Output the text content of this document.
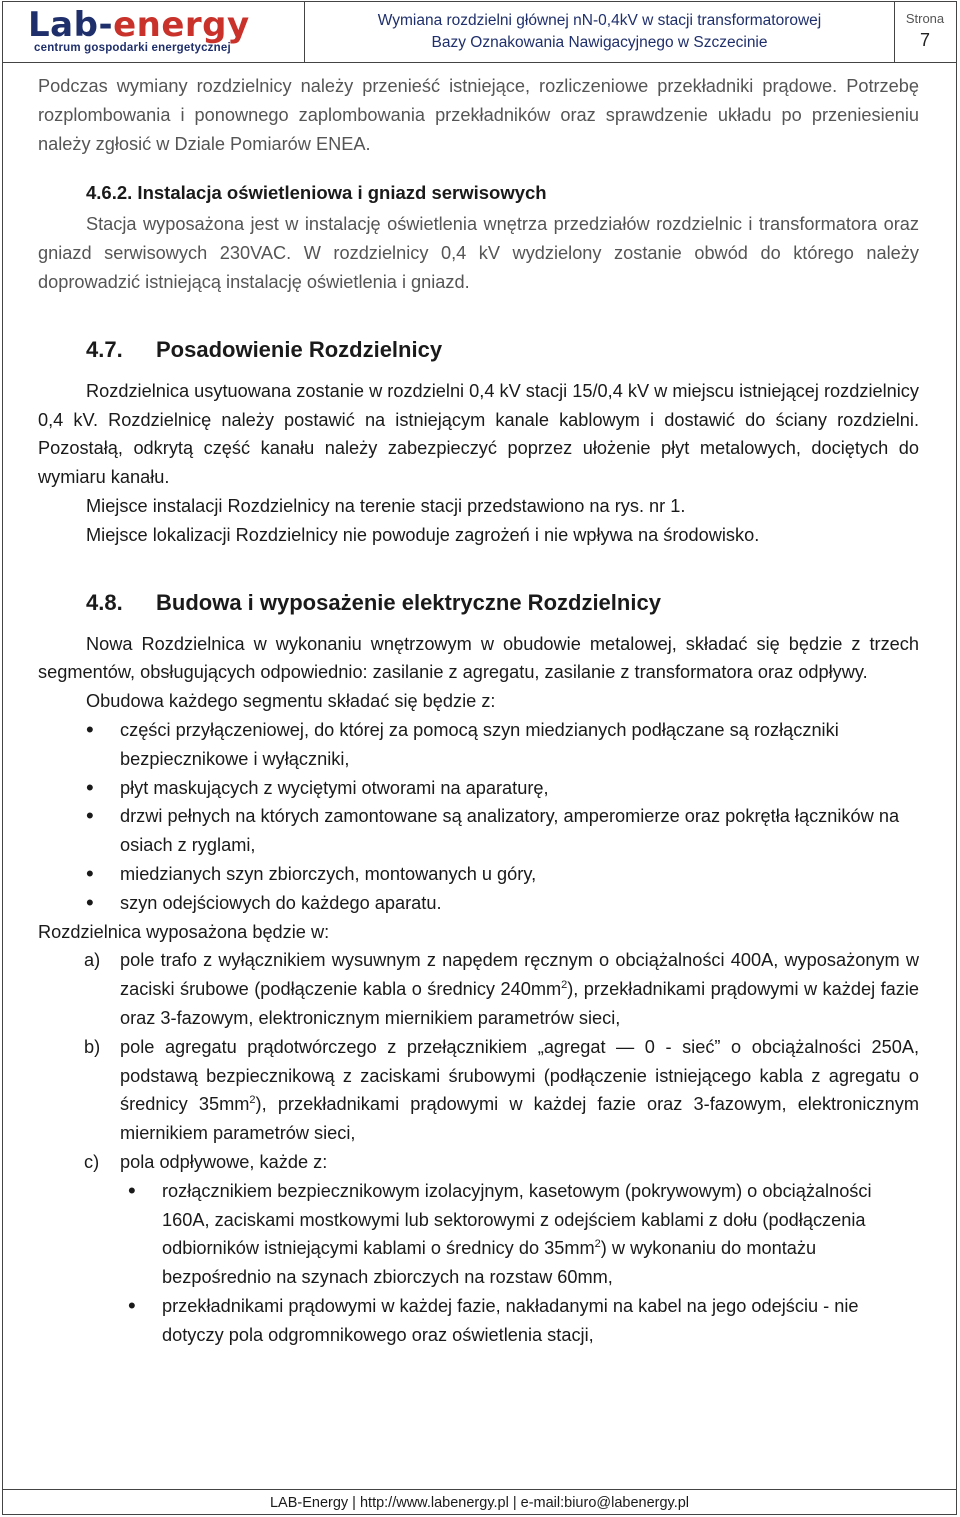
Lab-energy
centrum gospodarki energetycznej
Wymiana rozdzielni głównej nN-0,4kV w stacji transformatorowej
Bazy Oznakowania Nawigacyjnego w Szczecinie
Strona
7

Podczas wymiany rozdzielnicy należy przenieść istniejące, rozliczeniowe przekładniki prądowe. Potrzebę rozplombowania i ponownego zaplombowania przekładników oraz sprawdzenie układu po przeniesieniu należy zgłosić w Dziale Pomiarów ENEA.

4.6.2. Instalacja oświetleniowa i gniazd serwisowych

Stacja wyposażona jest w instalację oświetlenia wnętrza przedziałów rozdzielnic i transformatora oraz gniazd serwisowych 230VAC. W rozdzielnicy 0,4 kV wydzielony zostanie obwód do którego należy doprowadzić istniejącą instalację oświetlenia i gniazd.

4.7. Posadowienie Rozdzielnicy

Rozdzielnica usytuowana zostanie w rozdzielni 0,4 kV stacji 15/0,4 kV w miejscu istniejącej rozdzielnicy 0,4 kV. Rozdzielnicę należy postawić na istniejącym kanale kablowym i dostawić do ściany rozdzielni. Pozostałą, odkrytą część kanału należy zabezpieczyć poprzez ułożenie płyt metalowych, dociętych do wymiaru kanału.

Miejsce instalacji Rozdzielnicy na terenie stacji przedstawiono na rys. nr 1.

Miejsce lokalizacji Rozdzielnicy nie powoduje zagrożeń i nie wpływa na środowisko.

4.8. Budowa i wyposażenie elektryczne Rozdzielnicy

Nowa Rozdzielnica w wykonaniu wnętrzowym w obudowie metalowej, składać się będzie z trzech segmentów, obsługujących odpowiednio: zasilanie z agregatu, zasilanie z transformatora oraz odpływy.

Obudowa każdego segmentu składać się będzie z:

• części przyłączeniowej, do której za pomocą szyn miedzianych podłączane są rozłączniki bezpiecznikowe i wyłączniki,
• płyt maskujących z wyciętymi otworami na aparaturę,
• drzwi pełnych na których zamontowane są analizatory, amperomierze oraz pokrętła łączników na osiach z ryglami,
• miedzianych szyn zbiorczych, montowanych u góry,
• szyn odejściowych do każdego aparatu.

Rozdzielnica wyposażona będzie w:

a) pole trafo z wyłącznikiem wysuwnym z napędem ręcznym o obciążalności 400A, wyposażonym w zaciski śrubowe (podłączenie kabla o średnicy $240mm^2$), przekładnikami prądowymi w każdej fazie oraz 3-fazowym, elektronicznym miernikiem parametrów sieci,
b) pole agregatu prądotwórczego z przełącznikiem „agregat — 0 - sieć” o obciążalności 250A, podstawą bezpiecznikową z zaciskami śrubowymi (podłączenie istniejącego kabla z agregatu o średnicy $35mm^2$), przekładnikami prądowymi w każdej fazie oraz 3-fazowym, elektronicznym miernikiem parametrów sieci,
c) pola odpływowe, każde z:
• rozłącznikiem bezpiecznikowym izolacyjnym, kasetowym (pokrywowym) o obciążalności 160A, zaciskami mostkowymi lub sektorowymi z odejściem kablami z dołu (podłączenia odbiorników istniejącymi kablami o średnicy do $35mm^2$) w wykonaniu do montażu bezpośrednio na szynach zbiorczych na rozstaw 60mm,
• przekładnikami prądowymi w każdej fazie, nakładanymi na kabel na jego odejściu - nie dotyczy pola odgromnikowego oraz oświetlenia stacji,
LAB-Energy | http://www.labenergy.pl | e-mail:biuro@labenergy.pl
